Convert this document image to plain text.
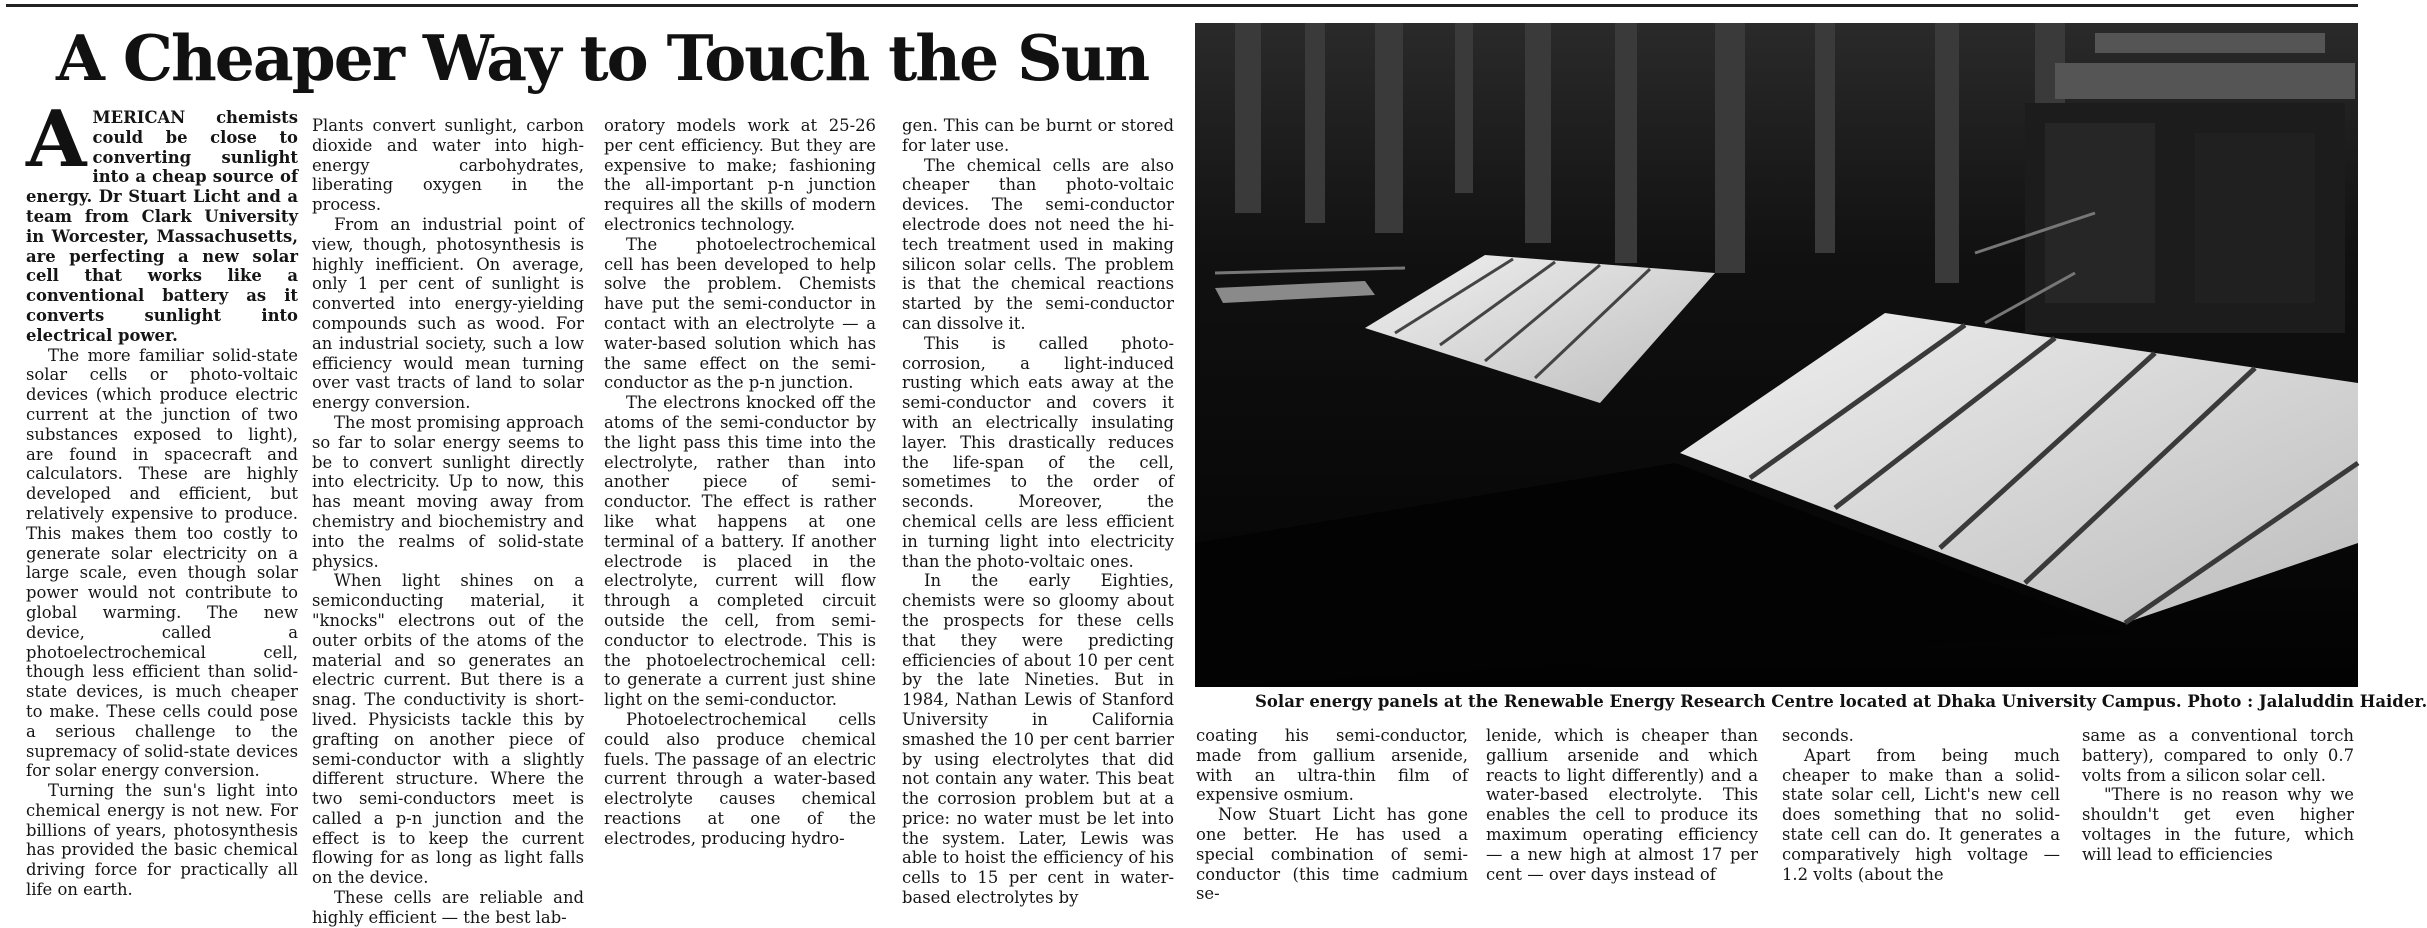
A Cheaper Way to Touch the Sun

AMERICAN chemists could be close to converting sunlight into a cheap source of energy. Dr Stuart Licht and a team from Clark University in Worcester, Massachusetts, are perfecting a new solar cell that works like a conventional battery as it converts sunlight into electrical power.

The more familiar solid-state solar cells or photo-voltaic devices (which produce electric current at the junction of two substances exposed to light), are found in spacecraft and calculators. These are highly developed and efficient, but relatively expensive to produce. This makes them too costly to generate solar electricity on a large scale, even though solar power would not contribute to global warming. The new device, called a photoelectrochemical cell, though less efficient than solid-state devices, is much cheaper to make. These cells could pose a serious challenge to the supremacy of solid-state devices for solar energy conversion.

Turning the sun's light into chemical energy is not new. For billions of years, photosynthesis has provided the basic chemical driving force for practically all life on earth.

Plants convert sunlight, carbon dioxide and water into high-energy carbohydrates, liberating oxygen in the process.

From an industrial point of view, though, photosynthesis is highly inefficient. On average, only 1 per cent of sunlight is converted into energy-yielding compounds such as wood. For an industrial society, such a low efficiency would mean turning over vast tracts of land to solar energy conversion.

The most promising approach so far to solar energy seems to be to convert sunlight directly into electricity. Up to now, this has meant moving away from chemistry and biochemistry and into the realms of solid-state physics.

When light shines on a semiconducting material, it "knocks" electrons out of the outer orbits of the atoms of the material and so generates an electric current. But there is a snag. The conductivity is short-lived. Physicists tackle this by grafting on another piece of semi-conductor with a slightly different structure. Where the two semi-conductors meet is called a p-n junction and the effect is to keep the current flowing for as long as light falls on the device.

These cells are reliable and highly efficient — the best lab-

oratory models work at 25-26 per cent efficiency. But they are expensive to make; fashioning the all-important p-n junction requires all the skills of modern electronics technology.

The photoelectrochemical cell has been developed to help solve the problem. Chemists have put the semi-conductor in contact with an electrolyte — a water-based solution which has the same effect on the semi-conductor as the p-n junction.

The electrons knocked off the atoms of the semi-conductor by the light pass this time into the electrolyte, rather than into another piece of semi-conductor. The effect is rather like what happens at one terminal of a battery. If another electrode is placed in the electrolyte, current will flow through a completed circuit outside the cell, from semi-conductor to electrode. This is the photoelectrochemical cell: to generate a current just shine light on the semi-conductor.

Photoelectrochemical cells could also produce chemical fuels. The passage of an electric current through a water-based electrolyte causes chemical reactions at one of the electrodes, producing hydro-

gen. This can be burnt or stored for later use.

The chemical cells are also cheaper than photo-voltaic devices. The semi-conductor electrode does not need the hi-tech treatment used in making silicon solar cells. The problem is that the chemical reactions started by the semi-conductor can dissolve it.

This is called photo-corrosion, a light-induced rusting which eats away at the semi-conductor and covers it with an electrically insulating layer. This drastically reduces the life-span of the cell, sometimes to the order of seconds. Moreover, the chemical cells are less efficient in turning light into electricity than the photo-voltaic ones.

In the early Eighties, chemists were so gloomy about the prospects for these cells that they were predicting efficiencies of about 10 per cent by the late Nineties. But in 1984, Nathan Lewis of Stanford University in California smashed the 10 per cent barrier by using electrolytes that did not contain any water. This beat the corrosion problem but at a price: no water must be let into the system. Later, Lewis was able to hoist the efficiency of his cells to 15 per cent in water-based electrolytes by

Solar energy panels at the Renewable Energy Research Centre located at Dhaka University Campus. Photo : Jalaluddin Haider.

coating his semi-conductor, made from gallium arsenide, with an ultra-thin film of expensive osmium.

Now Stuart Licht has gone one better. He has used a special combination of semi-conductor (this time cadmium se-

lenide, which is cheaper than gallium arsenide and which reacts to light differently) and a water-based electrolyte. This enables the cell to produce its maximum operating efficiency — a new high at almost 17 per cent — over days instead of

seconds.

Apart from being much cheaper to make than a solid-state solar cell, Licht's new cell does something that no solid-state cell can do. It generates a comparatively high voltage — 1.2 volts (about the

same as a conventional torch battery), compared to only 0.7 volts from a silicon solar cell.

"There is no reason why we shouldn't get even higher voltages in the future, which will lead to efficiencies
